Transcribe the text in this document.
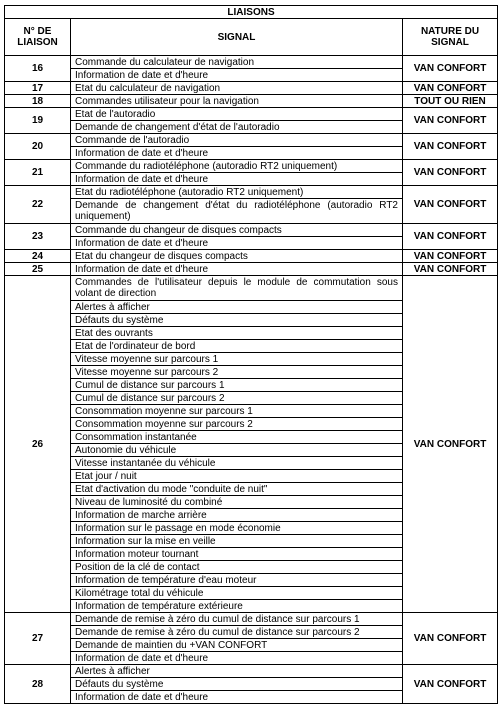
LIAISONS		
N° DE LIAISON	SIGNAL	NATURE DU SIGNAL
16	Commande du calculateur de navigation	VAN CONFORT
	Information de date et d'heure	
17	Etat du calculateur de navigation	VAN CONFORT
18	Commandes utilisateur pour la navigation	TOUT OU RIEN
19	Etat de l'autoradio	VAN CONFORT
	Demande de changement d'état de l'autoradio	
20	Commande de l'autoradio	VAN CONFORT
	Information de date et d'heure	
21	Commande du radiotéléphone (autoradio RT2 uniquement)	VAN CONFORT
	Information de date et d'heure	
22	Etat du radiotéléphone (autoradio RT2 uniquement)	VAN CONFORT
	Demande de changement d'état du radiotéléphone (autoradio RT2 uniquement)	
23	Commande du changeur de disques compacts	VAN CONFORT
	Information de date et d'heure	
24	Etat du changeur de disques compacts	VAN CONFORT
25	Information de date et d'heure	VAN CONFORT
26	Commandes de l'utilisateur depuis le module de commutation sous volant de direction	VAN CONFORT
	Alertes à afficher	
	Défauts du système	
	Etat des ouvrants	
	Etat de l'ordinateur de bord	
	Vitesse moyenne sur parcours 1	
	Vitesse moyenne sur parcours 2	
	Cumul de distance sur parcours 1	
	Cumul de distance sur parcours 2	
	Consommation moyenne sur parcours 1	
	Consommation moyenne sur parcours 2	
	Consommation instantanée	
	Autonomie du véhicule	
	Vitesse instantanée du véhicule	
	Etat jour / nuit	
	Etat d'activation du mode "conduite de nuit"	
	Niveau de luminosité du combiné	
	Information de marche arrière	
	Information sur le passage en mode économie	
	Information sur la mise en veille	
	Information moteur tournant	
	Position de la clé de contact	
	Information de température d'eau moteur	
	Kilométrage total du véhicule	
	Information de température extérieure	
27	Demande de remise à zéro du cumul de distance sur parcours 1	VAN CONFORT
	Demande de remise à zéro du cumul de distance sur parcours 2	
	Demande de maintien du +VAN CONFORT	
	Information de date et d'heure	
28	Alertes à afficher	VAN CONFORT
	Défauts du système	
	Information de date et d'heure	
